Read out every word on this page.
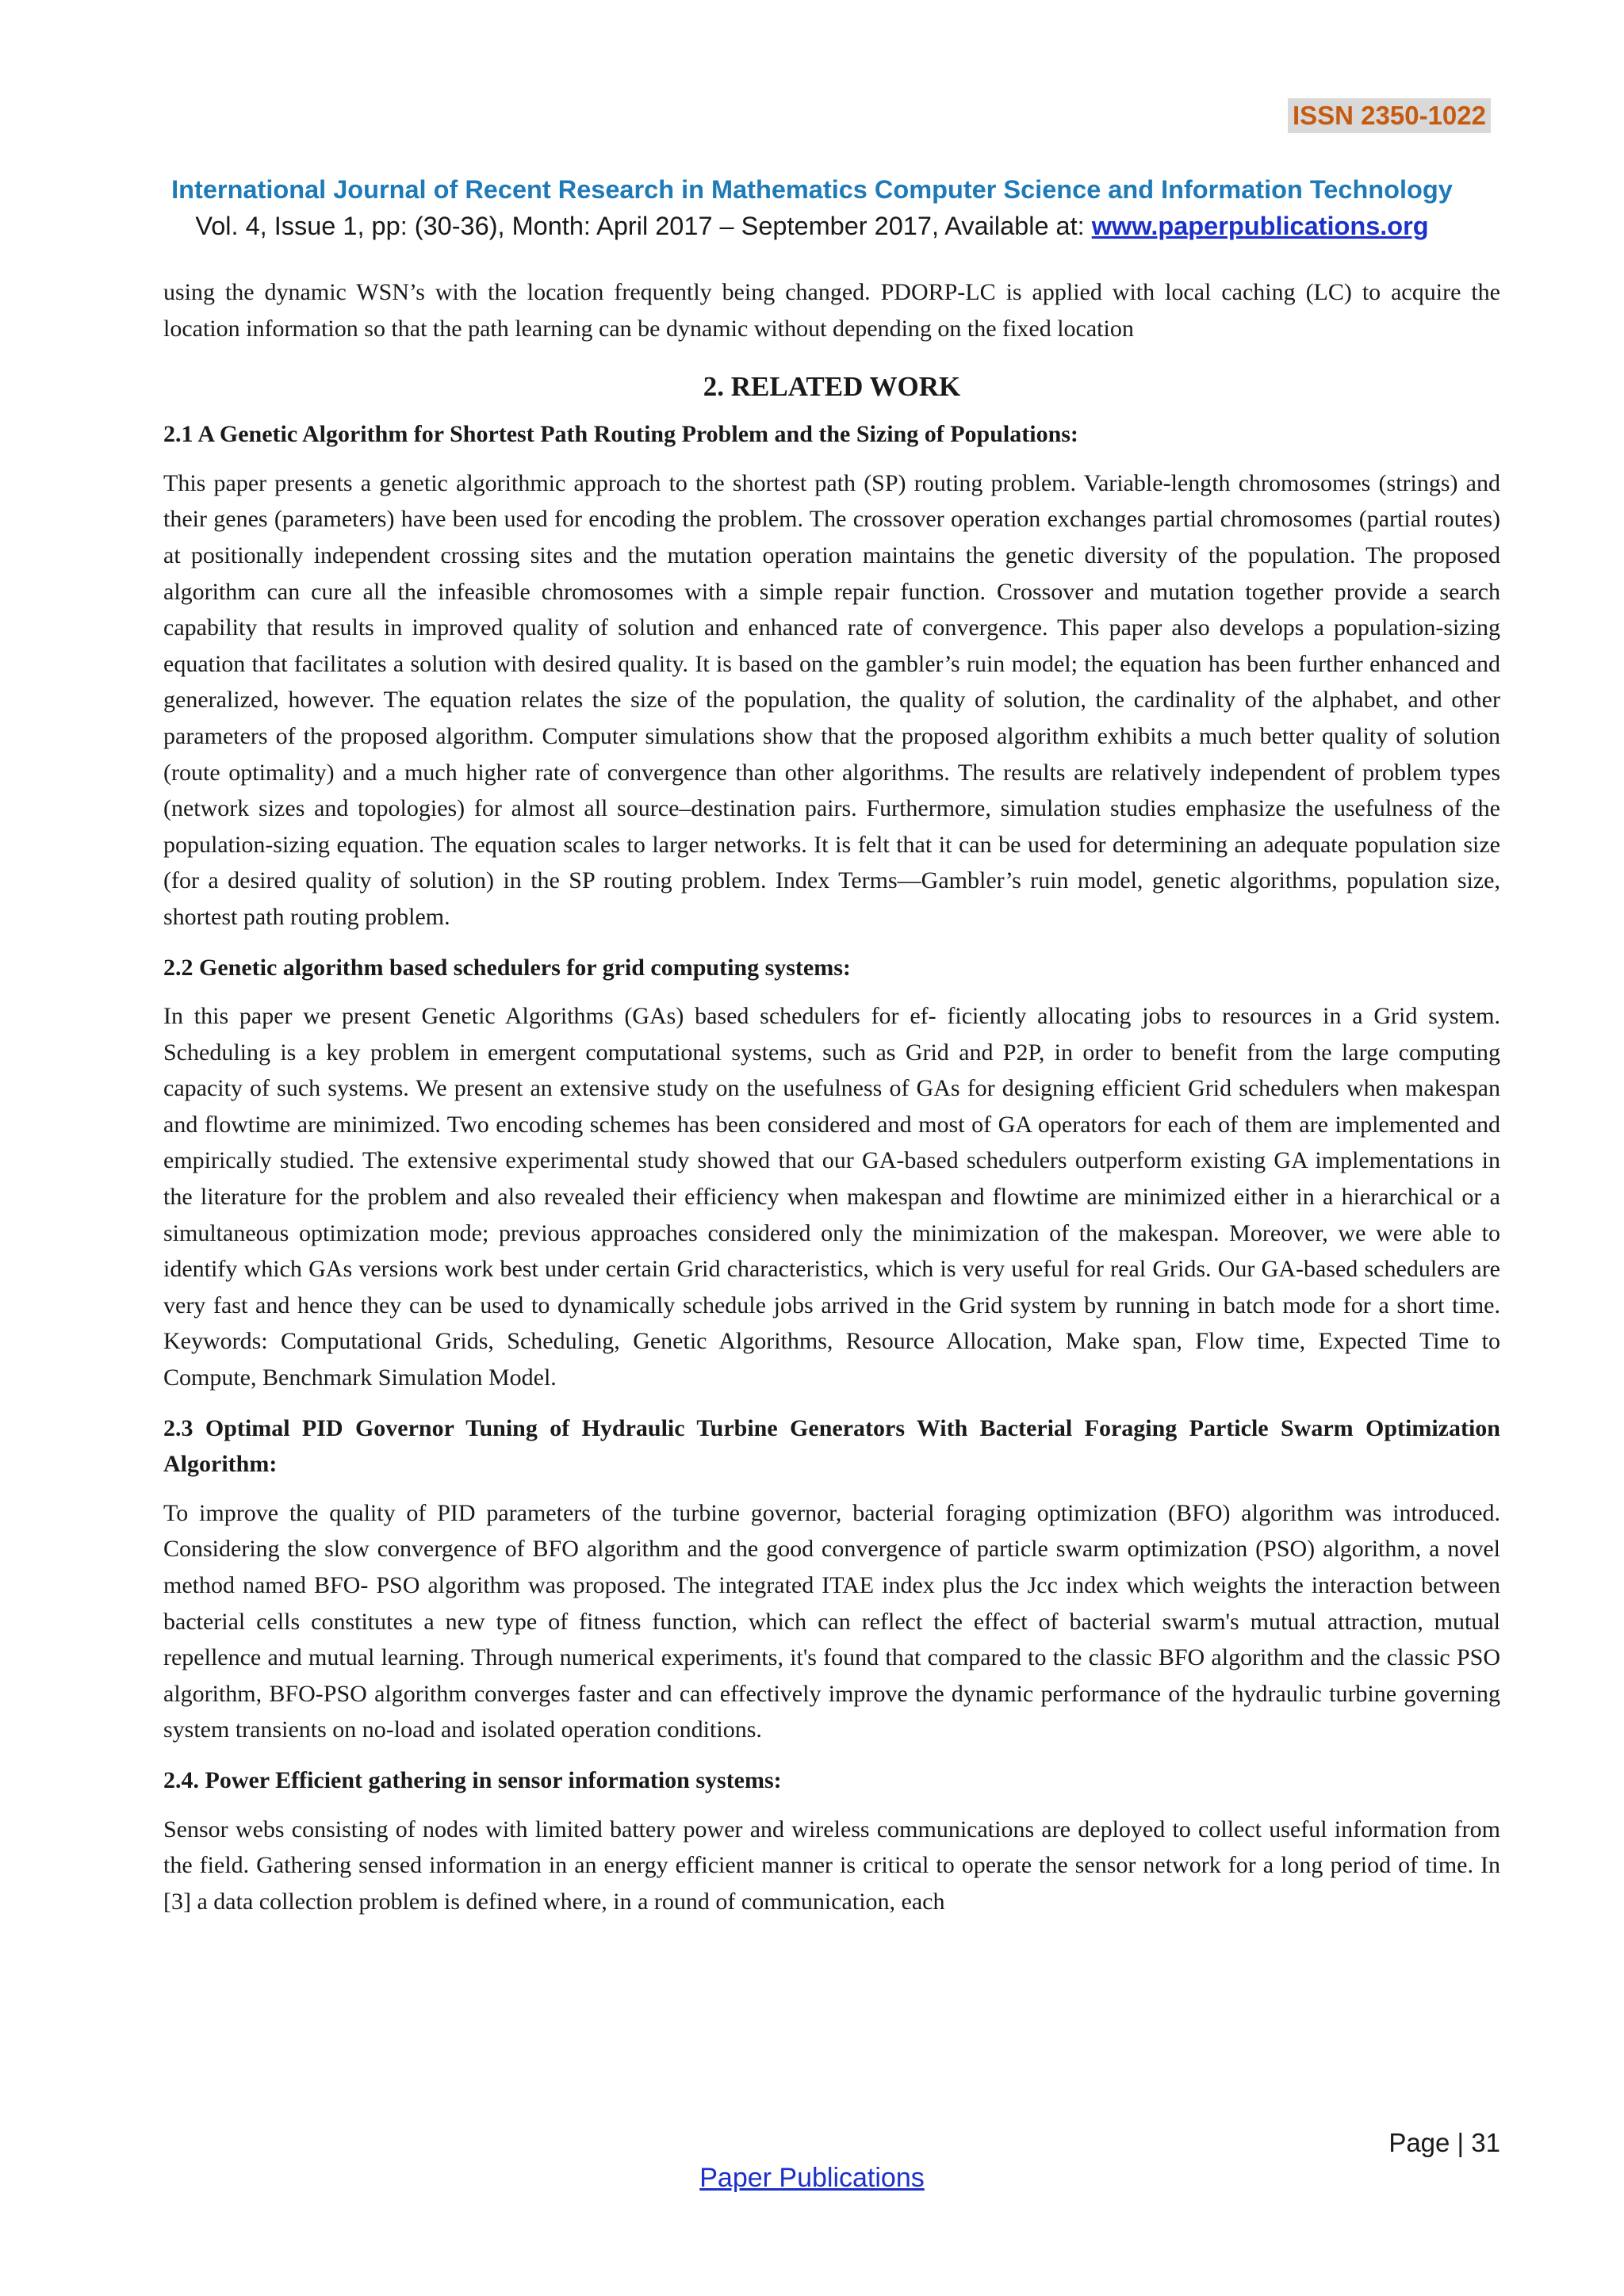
ISSN 2350-1022
International Journal of Recent Research in Mathematics Computer Science and Information Technology
Vol. 4, Issue 1, pp: (30-36), Month: April 2017 – September 2017, Available at: www.paperpublications.org

using the dynamic WSN’s with the location frequently being changed. PDORP-LC is applied with local caching (LC) to acquire the location information so that the path learning can be dynamic without depending on the fixed location

2. RELATED WORK
2.1 A Genetic Algorithm for Shortest Path Routing Problem and the Sizing of Populations:

This paper presents a genetic algorithmic approach to the shortest path (SP) routing problem. Variable-length chromosomes (strings) and their genes (parameters) have been used for encoding the problem. The crossover operation exchanges partial chromosomes (partial routes) at positionally independent crossing sites and the mutation operation maintains the genetic diversity of the population. The proposed algorithm can cure all the infeasible chromosomes with a simple repair function. Crossover and mutation together provide a search capability that results in improved quality of solution and enhanced rate of convergence. This paper also develops a population-sizing equation that facilitates a solution with desired quality. It is based on the gambler’s ruin model; the equation has been further enhanced and generalized, however. The equation relates the size of the population, the quality of solution, the cardinality of the alphabet, and other parameters of the proposed algorithm. Computer simulations show that the proposed algorithm exhibits a much better quality of solution (route optimality) and a much higher rate of convergence than other algorithms. The results are relatively independent of problem types (network sizes and topologies) for almost all source–destination pairs. Furthermore, simulation studies emphasize the usefulness of the population-sizing equation. The equation scales to larger networks. It is felt that it can be used for determining an adequate population size (for a desired quality of solution) in the SP routing problem. Index Terms—Gambler’s ruin model, genetic algorithms, population size, shortest path routing problem.

2.2 Genetic algorithm based schedulers for grid computing systems:

In this paper we present Genetic Algorithms (GAs) based schedulers for ef- ficiently allocating jobs to resources in a Grid system. Scheduling is a key problem in emergent computational systems, such as Grid and P2P, in order to benefit from the large computing capacity of such systems. We present an extensive study on the usefulness of GAs for designing efficient Grid schedulers when makespan and flowtime are minimized. Two encoding schemes has been considered and most of GA operators for each of them are implemented and empirically studied. The extensive experimental study showed that our GA-based schedulers outperform existing GA implementations in the literature for the problem and also revealed their efficiency when makespan and flowtime are minimized either in a hierarchical or a simultaneous optimization mode; previous approaches considered only the minimization of the makespan. Moreover, we were able to identify which GAs versions work best under certain Grid characteristics, which is very useful for real Grids. Our GA-based schedulers are very fast and hence they can be used to dynamically schedule jobs arrived in the Grid system by running in batch mode for a short time. Keywords: Computational Grids, Scheduling, Genetic Algorithms, Resource Allocation, Make span, Flow time, Expected Time to Compute, Benchmark Simulation Model.

2.3 Optimal PID Governor Tuning of Hydraulic Turbine Generators With Bacterial Foraging Particle Swarm Optimization Algorithm:

To improve the quality of PID parameters of the turbine governor, bacterial foraging optimization (BFO) algorithm was introduced. Considering the slow convergence of BFO algorithm and the good convergence of particle swarm optimization (PSO) algorithm, a novel method named BFO- PSO algorithm was proposed. The integrated ITAE index plus the Jcc index which weights the interaction between bacterial cells constitutes a new type of fitness function, which can reflect the effect of bacterial swarm's mutual attraction, mutual repellence and mutual learning. Through numerical experiments, it's found that compared to the classic BFO algorithm and the classic PSO algorithm, BFO-PSO algorithm converges faster and can effectively improve the dynamic performance of the hydraulic turbine governing system transients on no-load and isolated operation conditions.

2.4. Power Efficient gathering in sensor information systems:

Sensor webs consisting of nodes with limited battery power and wireless communications are deployed to collect useful information from the field. Gathering sensed information in an energy efficient manner is critical to operate the sensor network for a long period of time. In [3] a data collection problem is defined where, in a round of communication, each

Page | 31
Paper Publications
